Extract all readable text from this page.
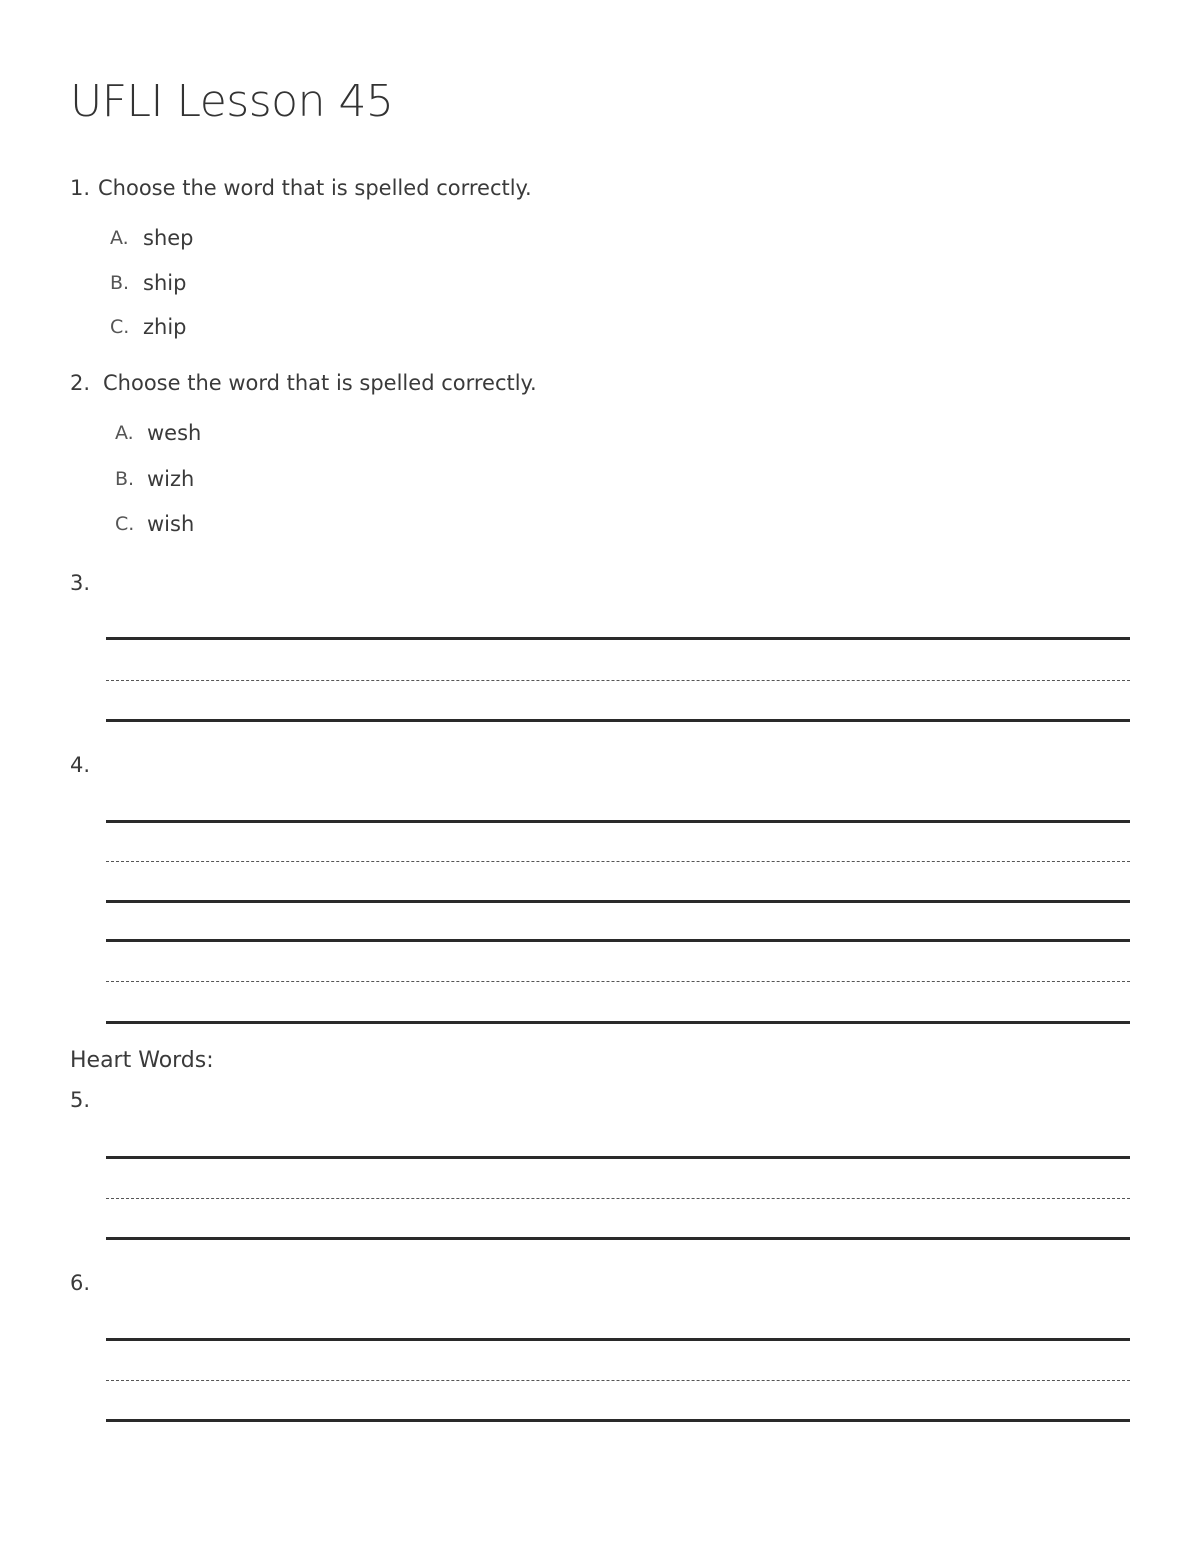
UFLI Lesson 45
1. Choose the word that is spelled correctly.
A. shep
B. ship
C. zhip
2. Choose the word that is spelled correctly.
A. wesh
B. wizh
C. wish
3.
4.
Heart Words:
5.
6.
